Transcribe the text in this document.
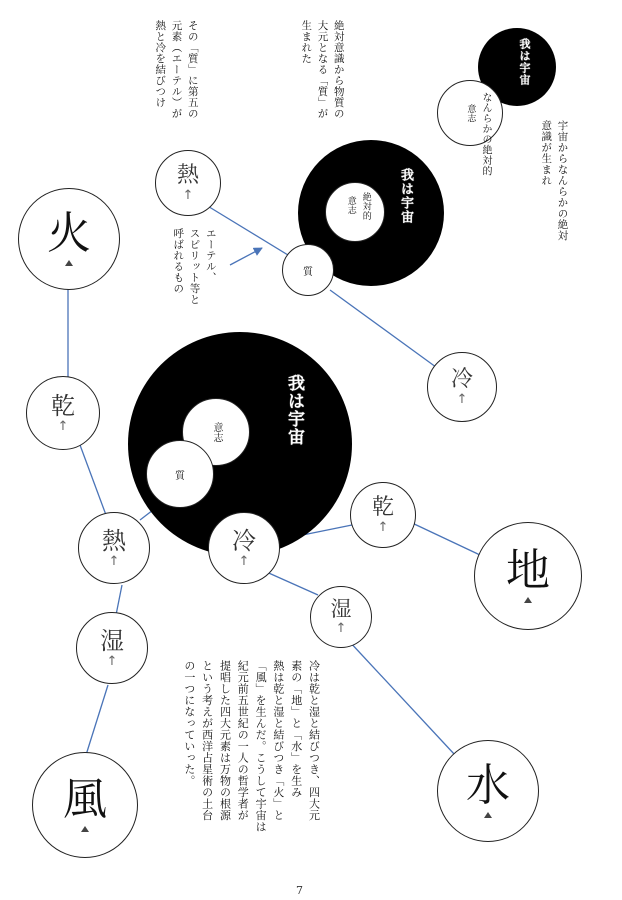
我は宇宙
意志 なんらかの絶対的
我は宇宙
意志 絶対的
質
我は宇宙
意志
質
熱
↑
冷
↑
火
地
水
風
乾
↑
熱
↑
冷
↑
乾
↑
湿
↑
湿
↑
宇宙からなんらかの絶対
意識が生まれ
絶対意識から物質の
大元となる「質」が
生まれた
その「質」に第五の
元素（エーテル）が
熱と冷を結びつけ
エーテル、
スピリット等と
呼ばれるもの
冷は乾と湿と結びつき、四大元
素の「地」と「水」を生み
熱は乾と湿と結びつき「火」と
「風」を生んだ。こうして宇宙は
紀元前五世紀の一人の哲学者が
提唱した四大元素は万物の根源
という考えが西洋占星術の土台
の一つになっていった。
7
